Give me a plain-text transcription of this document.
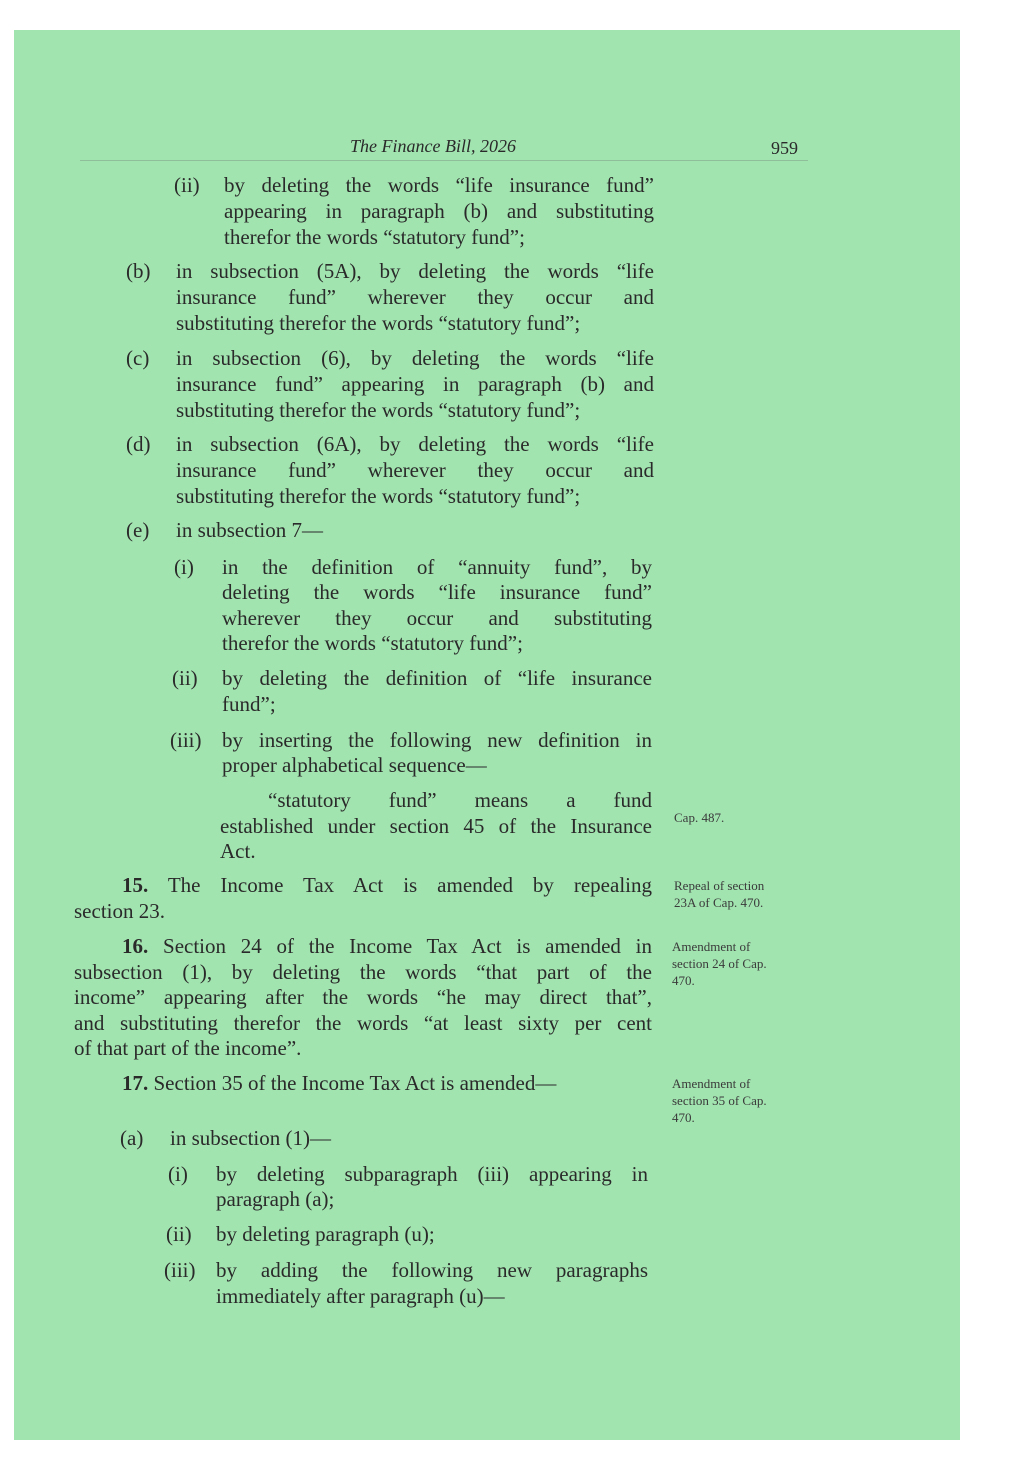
The Finance Bill, 2026	959
(ii) by deleting the words “life insurance fund”
appearing in paragraph (b) and substituting
therefor the words “statutory fund”;
(b) in subsection (5A), by deleting the words “life
insurance fund” wherever they occur and
substituting therefor the words “statutory fund”;
(c) in subsection (6), by deleting the words “life
insurance fund” appearing in paragraph (b) and
substituting therefor the words “statutory fund”;
(d) in subsection (6A), by deleting the words “life
insurance fund” wherever they occur and
substituting therefor the words “statutory fund”;
(e) in subsection 7—
(i) in the definition of “annuity fund”, by
deleting the words “life insurance fund”
wherever they occur and substituting
therefor the words “statutory fund”;
(ii) by deleting the definition of “life insurance
fund”;
(iii) by inserting the following new definition in
proper alphabetical sequence—
“statutory fund” means a fund
established under section 45 of the Insurance
Act.
15. The Income Tax Act is amended by repealing
section 23.
16. Section 24 of the Income Tax Act is amended in
subsection (1), by deleting the words “that part of the
income” appearing after the words “he may direct that”,
and substituting therefor the words “at least sixty per cent
of that part of the income”.
17. Section 35 of the Income Tax Act is amended—
(a) in subsection (1)—
(i) by deleting subparagraph (iii) appearing in
paragraph (a);
(ii) by deleting paragraph (u);
(iii) by adding the following new paragraphs
immediately after paragraph (u)—
Cap. 487.
Repeal of section
23A of Cap. 470.
Amendment of
section 24 of Cap.
470.
Amendment of
section 35 of Cap.
470.
